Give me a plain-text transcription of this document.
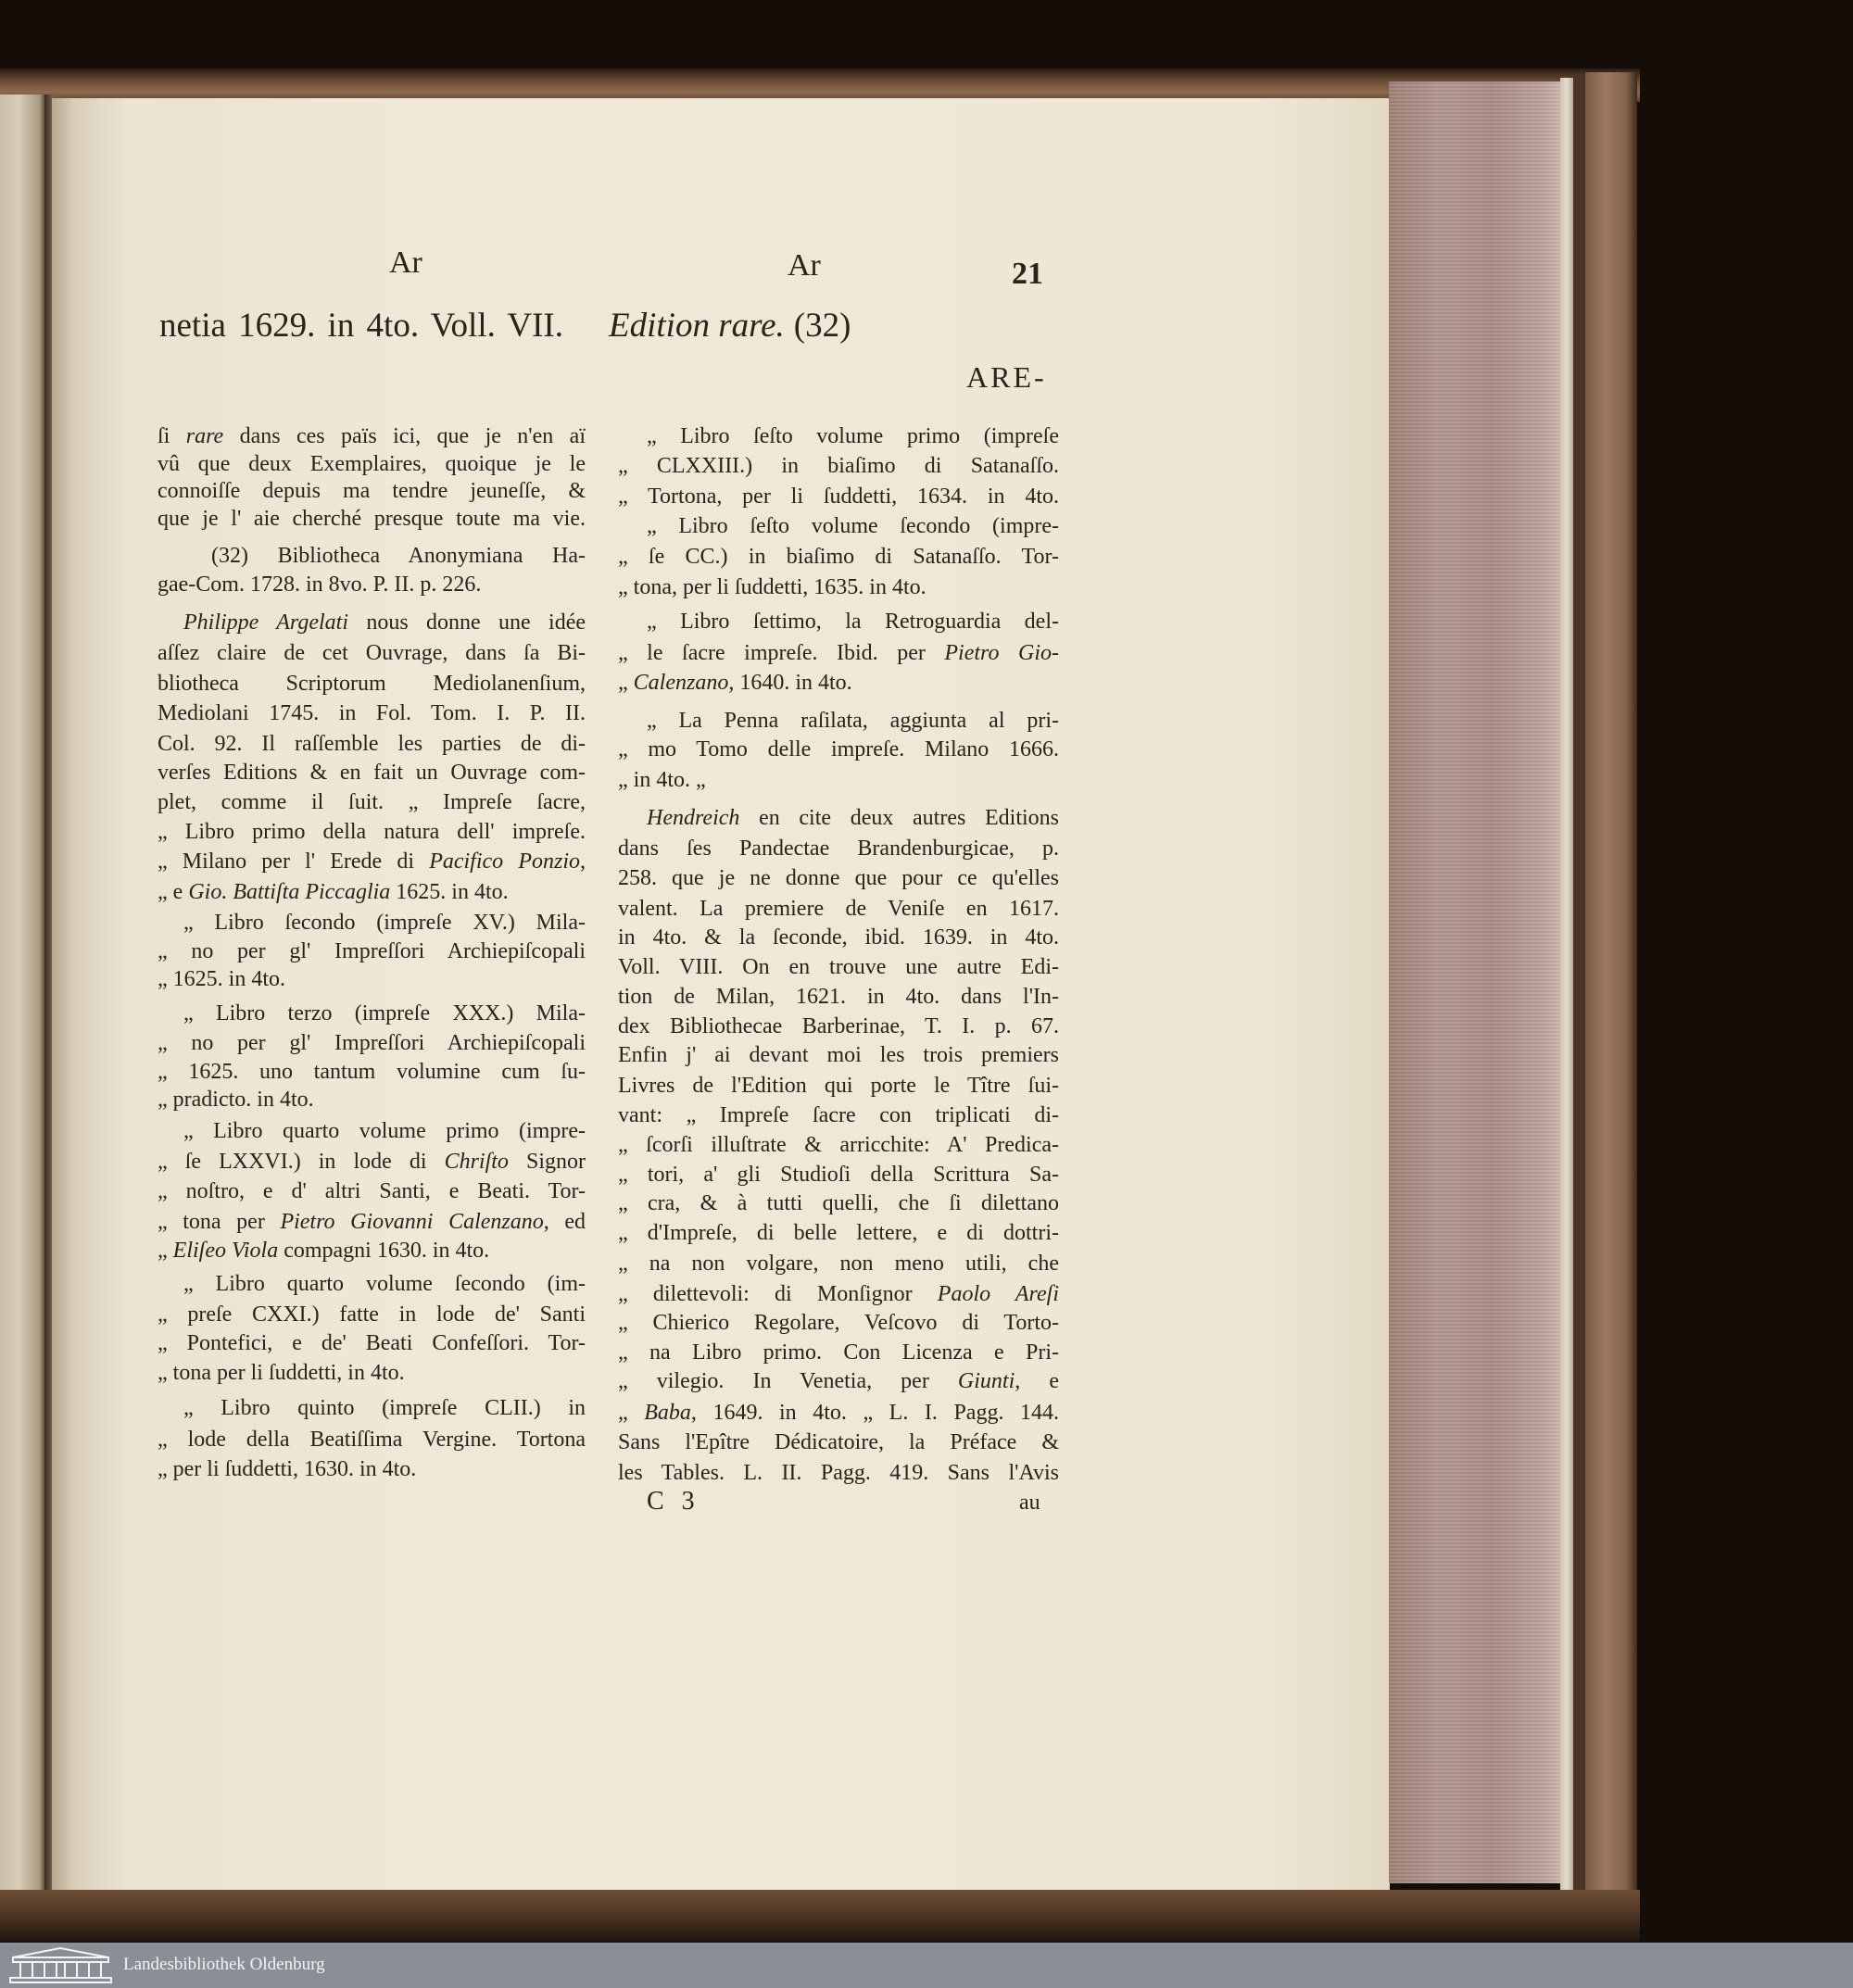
Ar	Ar	21
netia 1629. in 4to. Voll. VII. Edition rare. (32)
ARE-
ſi rare dans ces païs ici, que je n'en aï
vû que deux Exemplaires, quoique je le
connoiſſe depuis ma tendre jeuneſſe, &
que je l' aie cherché presque toute ma vie.
(32) Bibliotheca Anonymiana Ha-
gae-Com. 1728. in 8vo. P. II. p. 226.
Philippe Argelati nous donne une idée
aſſez claire de cet Ouvrage, dans ſa Bi-
bliotheca Scriptorum Mediolanenſium,
Mediolani 1745. in Fol. Tom. I. P. II.
Col. 92. Il raſſemble les parties de di-
verſes Editions & en fait un Ouvrage com-
plet, comme il ſuit. „ Impreſe ſacre,
„ Libro primo della natura dell' impreſe.
„ Milano per l' Erede di Pacifico Ponzio,
„ e Gio. Battiſta Piccaglia 1625. in 4to.
„ Libro ſecondo (impreſe XV.) Mila-
„ no per gl' Impreſſori Archiepiſcopali
„ 1625. in 4to.
„ Libro terzo (impreſe XXX.) Mila-
„ no per gl' Impreſſori Archiepiſcopali
„ 1625. uno tantum volumine cum ſu-
„ pradicto. in 4to.
„ Libro quarto volume primo (impre-
„ ſe LXXVI.) in lode di Chriſto Signor
„ noſtro, e d' altri Santi, e Beati. Tor-
„ tona per Pietro Giovanni Calenzano, ed
„ Eliſeo Viola compagni 1630. in 4to.
„ Libro quarto volume ſecondo (im-
„ preſe CXXI.) fatte in lode de' Santi
„ Pontefici, e de' Beati Confeſſori. Tor-
„ tona per li ſuddetti, in 4to.
„ Libro quinto (impreſe CLII.) in
„ lode della Beatiſſima Vergine. Tortona
„ per li ſuddetti, 1630. in 4to.
„ Libro ſeſto volume primo (impreſe
„ CLXXIII.) in biaſimo di Satanaſſo.
„ Tortona, per li ſuddetti, 1634. in 4to.
„ Libro ſeſto volume ſecondo (impre-
„ ſe CC.) in biaſimo di Satanaſſo. Tor-
„ tona, per li ſuddetti, 1635. in 4to.
„ Libro ſettimo, la Retroguardia del-
„ le ſacre impreſe. Ibid. per Pietro Gio-
„ Calenzano, 1640. in 4to.
„ La Penna raſilata, aggiunta al pri-
„ mo Tomo delle impreſe. Milano 1666.
„ in 4to. „
Hendreich en cite deux autres Editions
dans ſes Pandectae Brandenburgicae, p.
258. que je ne donne que pour ce qu'elles
valent. La premiere de Veniſe en 1617.
in 4to. & la ſeconde, ibid. 1639. in 4to.
Voll. VIII. On en trouve une autre Edi-
tion de Milan, 1621. in 4to. dans l'In-
dex Bibliothecae Barberinae, T. I. p. 67.
Enfin j' ai devant moi les trois premiers
Livres de l'Edition qui porte le Tître ſui-
vant: „ Impreſe ſacre con triplicati di-
„ ſcorſi illuſtrate & arricchite: A' Predica-
„ tori, a' gli Studioſi della Scrittura Sa-
„ cra, & à tutti quelli, che ſi dilettano
„ d'Impreſe, di belle lettere, e di dottri-
„ na non volgare, non meno utili, che
„ dilettevoli: di Monſignor Paolo Areſi
„ Chierico Regolare, Veſcovo di Torto-
„ na Libro primo. Con Licenza e Pri-
„ vilegio. In Venetia, per Giunti, e
„ Baba, 1649. in 4to. „ L. I. Pagg. 144.
Sans l'Epître Dédicatoire, la Préface &
les Tables. L. II. Pagg. 419. Sans l'Avis
C 3	au
Landesbibliothek Oldenburg
